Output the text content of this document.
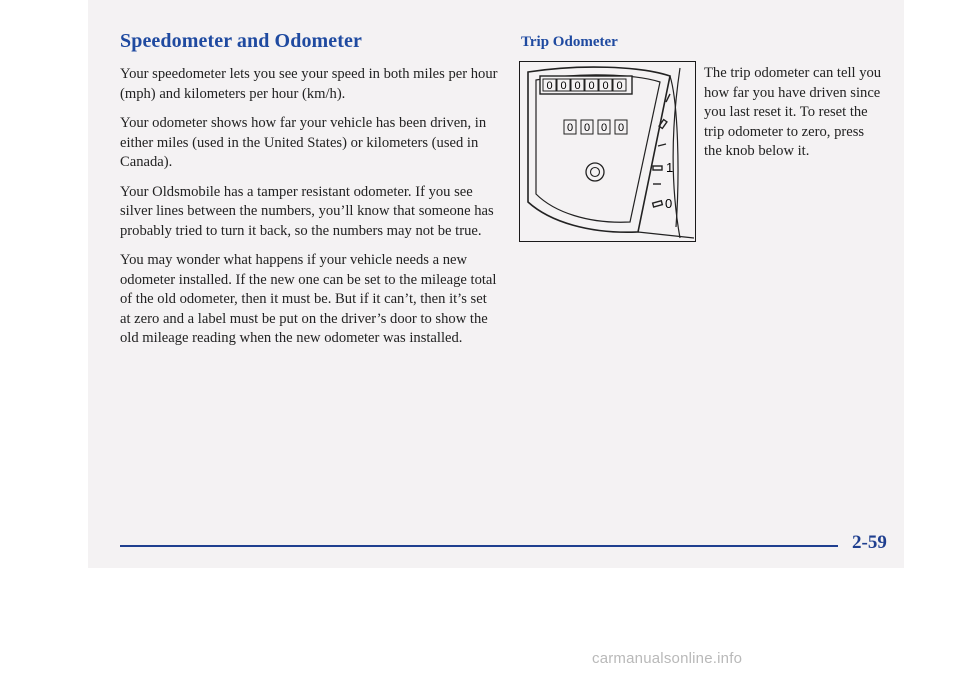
Speedometer and Odometer

Your speedometer lets you see your speed in both miles per hour (mph) and kilometers per hour (km/h).

Your odometer shows how far your vehicle has been driven, in either miles (used in the United States) or kilometers (used in Canada).

Your Oldsmobile has a tamper resistant odometer. If you see silver lines between the numbers, you’ll know that someone has probably tried to turn it back, so the numbers may not be true.

You may wonder what happens if your vehicle needs a new odometer installed. If the new one can be set to the mileage total of the old odometer, then it must be. But if it can’t, then it’s set at zero and a label must be put on the driver’s door to show the old mileage reading when the new odometer was installed.

Trip Odometer
0 0 0 0 0 0
0 0 0 0
1
0

The trip odometer can tell you how far you have driven since you last reset it. To reset the trip odometer to zero, press the knob below it.

2-59

carmanualsonline.info
